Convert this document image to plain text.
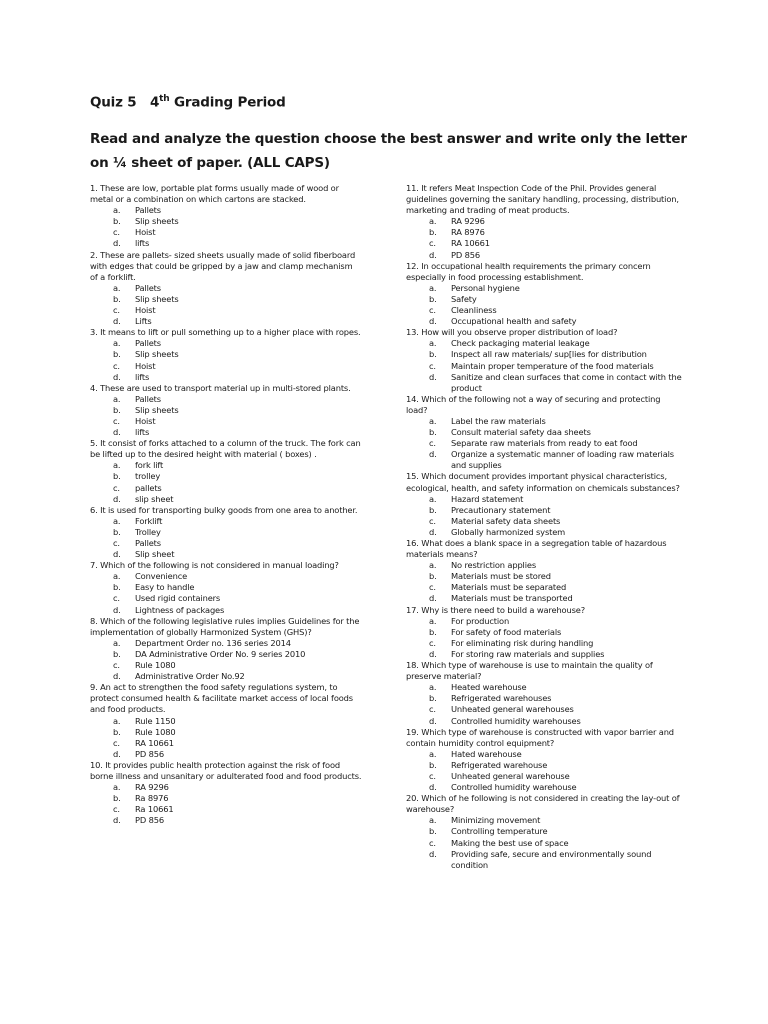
Quiz 5 4th Grading Period
Read and analyze the question choose the best answer and write only the letter on ¼ sheet of paper. (ALL CAPS)
1. These are low, portable plat forms usually made of wood or metal or a combination on which cartons are stacked.
a.	Pallets
b.	Slip sheets
c.	Hoist
d.	lifts
2. These are pallets- sized sheets usually made of solid fiberboard with edges that could be gripped by a jaw and clamp mechanism of a forklift.
a.	Pallets
b.	Slip sheets
c.	Hoist
d.	Lifts
3. It means to lift or pull something up to a higher place with ropes.
a.	Pallets
b.	Slip sheets
c.	Hoist
d.	lifts
4. These are used to transport material up in multi-stored plants.
a.	Pallets
b.	Slip sheets
c.	Hoist
d.	lifts
5. It consist of forks attached to a column of the truck. The fork can be lifted up to the desired height with material ( boxes) .
a.	fork lift
b.	trolley
c.	pallets
d.	slip sheet
6. It is used for transporting bulky goods from one area to another.
a.	Forklift
b.	Trolley
c.	Pallets
d.	Slip sheet
7. Which of the following is not considered in manual loading?
a.	Convenience
b.	Easy to handle
c.	Used rigid containers
d.	Lightness of packages
8. Which of the following legislative rules implies Guidelines for the implementation of globally Harmonized System (GHS)?
a.	Department Order no. 136 series 2014
b.	DA Administrative Order No. 9 series 2010
c.	Rule 1080
d.	Administrative Order No.92
9. An act to strengthen the food safety regulations system, to protect consumed health & facilitate market access of local foods and food products.
a.	Rule 1150
b.	Rule 1080
c.	RA 10661
d.	PD 856
10. It provides public health protection against the risk of food borne illness and unsanitary or adulterated food and food products.
a.	RA 9296
b.	Ra 8976
c.	Ra 10661
d.	PD 856
11. It refers Meat Inspection Code of the Phil. Provides general guidelines governing the sanitary handling, processing, distribution, marketing and trading of meat products.
a.	RA 9296
b.	RA 8976
c.	RA 10661
d.	PD 856
12. In occupational health requirements the primary concern especially in food processing establishment.
a.	Personal hygiene
b.	Safety
c.	Cleanliness
d.	Occupational health and safety
13. How will you observe proper distribution of load?
a.	Check packaging material leakage
b.	Inspect all raw materials/ sup[lies for distribution
c.	Maintain proper temperature of the food materials
d.	Sanitize and clean surfaces that come in contact with the product
14. Which of the following not a way of securing and protecting load?
a.	Label the raw materials
b.	Consult material safety daa sheets
c.	Separate raw materials from ready to eat food
d.	Organize a systematic manner of loading raw materials and supplies
15. Which document provides important physical characteristics, ecological, health, and safety information on chemicals substances?
a.	Hazard statement
b.	Precautionary statement
c.	Material safety data sheets
d.	Globally harmonized system
16. What does a blank space in a segregation table of hazardous materials means?
a.	No restriction applies
b.	Materials must be stored
c.	Materials must be separated
d.	Materials must be transported
17. Why is there need to build a warehouse?
a.	For production
b.	For safety of food materials
c.	For eliminating risk during handling
d.	For storing raw materials and supplies
18. Which type of warehouse is use to maintain the quality of preserve material?
a.	Heated warehouse
b.	Refrigerated warehouses
c.	Unheated general warehouses
d.	Controlled humidity warehouses
19. Which type of warehouse is constructed with vapor barrier and contain humidity control equipment?
a.	Hated warehouse
b.	Refrigerated warehouse
c.	Unheated general warehouse
d.	Controlled humidity warehouse
20. Which of he following is not considered in creating the lay-out of warehouse?
a.	Minimizing movement
b.	Controlling temperature
c.	Making the best use of space
d.	Providing safe, secure and environmentally sound condition
